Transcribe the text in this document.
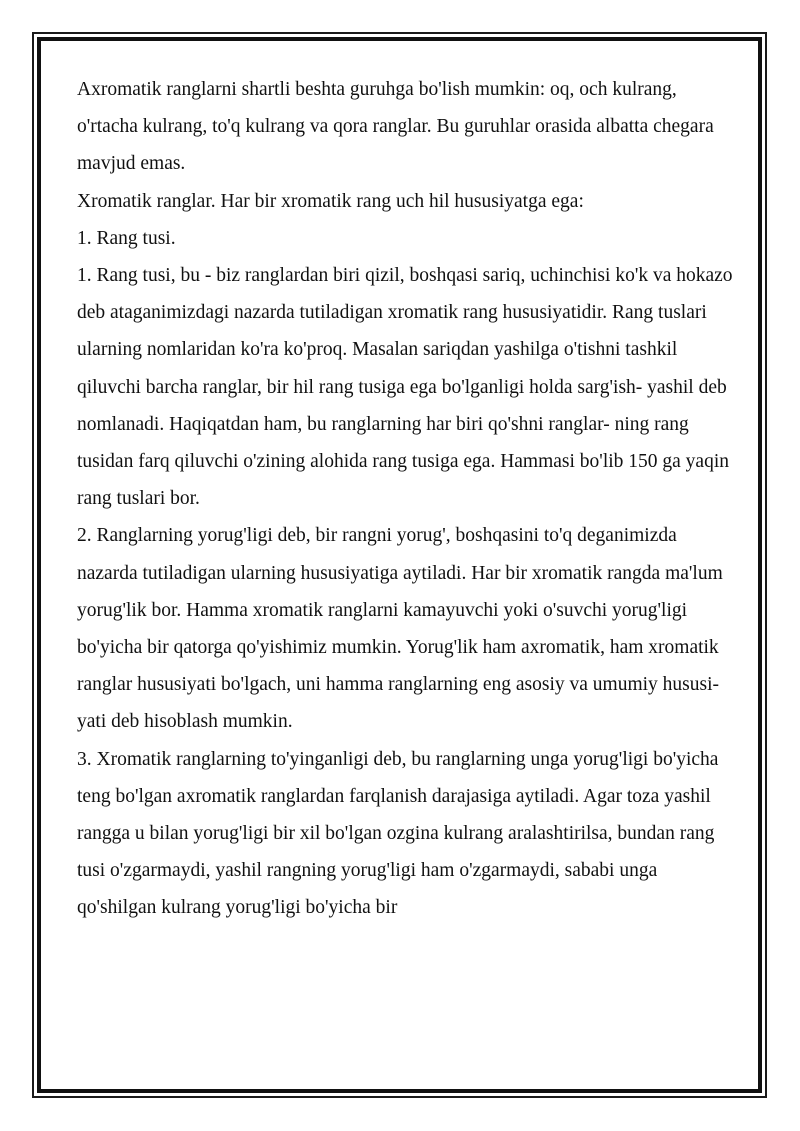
Axromatik ranglarni shartli beshta guruhga bo'lish mumkin: oq, och kulrang, o'rtacha kulrang, to'q kulrang va qora ranglar. Bu guruhlar orasida albatta chegara mavjud emas.

Xromatik ranglar. Har bir xromatik rang uch hil hususiyatga ega:

1. Rang tusi.

1. Rang tusi, bu - biz ranglardan biri qizil, boshqasi sariq, uchinchisi ko'k va hokazo deb ataganimizdagi nazarda tutiladigan xromatik rang hususiyatidir. Rang tuslari ularning nomlaridan ko'ra ko'proq. Masalan sariqdan yashilga o'tishni tashkil qiluvchi barcha ranglar, bir hil rang tusiga ega bo'lganligi holda sarg'ish- yashil deb nomlanadi. Haqiqatdan ham, bu ranglarning har biri qo'shni ranglar- ning rang tusidan farq qiluvchi o'zining alohida rang tusiga ega. Hammasi bo'lib 150 ga yaqin rang tuslari bor.

2. Ranglarning yorug'ligi deb, bir rangni yorug', boshqasini to'q deganimizda nazarda tutiladigan ularning hususiyatiga aytiladi. Har bir xromatik rangda ma'lum yorug'lik bor. Hamma xromatik ranglarni kamayuvchi yoki o'suvchi yorug'ligi bo'yicha bir qatorga qo'yishimiz mumkin. Yorug'lik ham axromatik, ham xromatik ranglar hususiyati bo'lgach, uni hamma ranglarning eng asosiy va umumiy hususi-yati deb hisoblash mumkin.

3. Xromatik ranglarning to'yinganligi deb, bu ranglarning unga yorug'ligi bo'yicha teng bo'lgan axromatik ranglardan farqlanish darajasiga aytiladi. Agar toza yashil rangga u bilan yorug'ligi bir xil bo'lgan ozgina kulrang aralashtirilsa, bundan rang tusi o'zgarmaydi, yashil rangning yorug'ligi ham o'zgarmaydi, sababi unga qo'shilgan kulrang yorug'ligi bo'yicha bir
